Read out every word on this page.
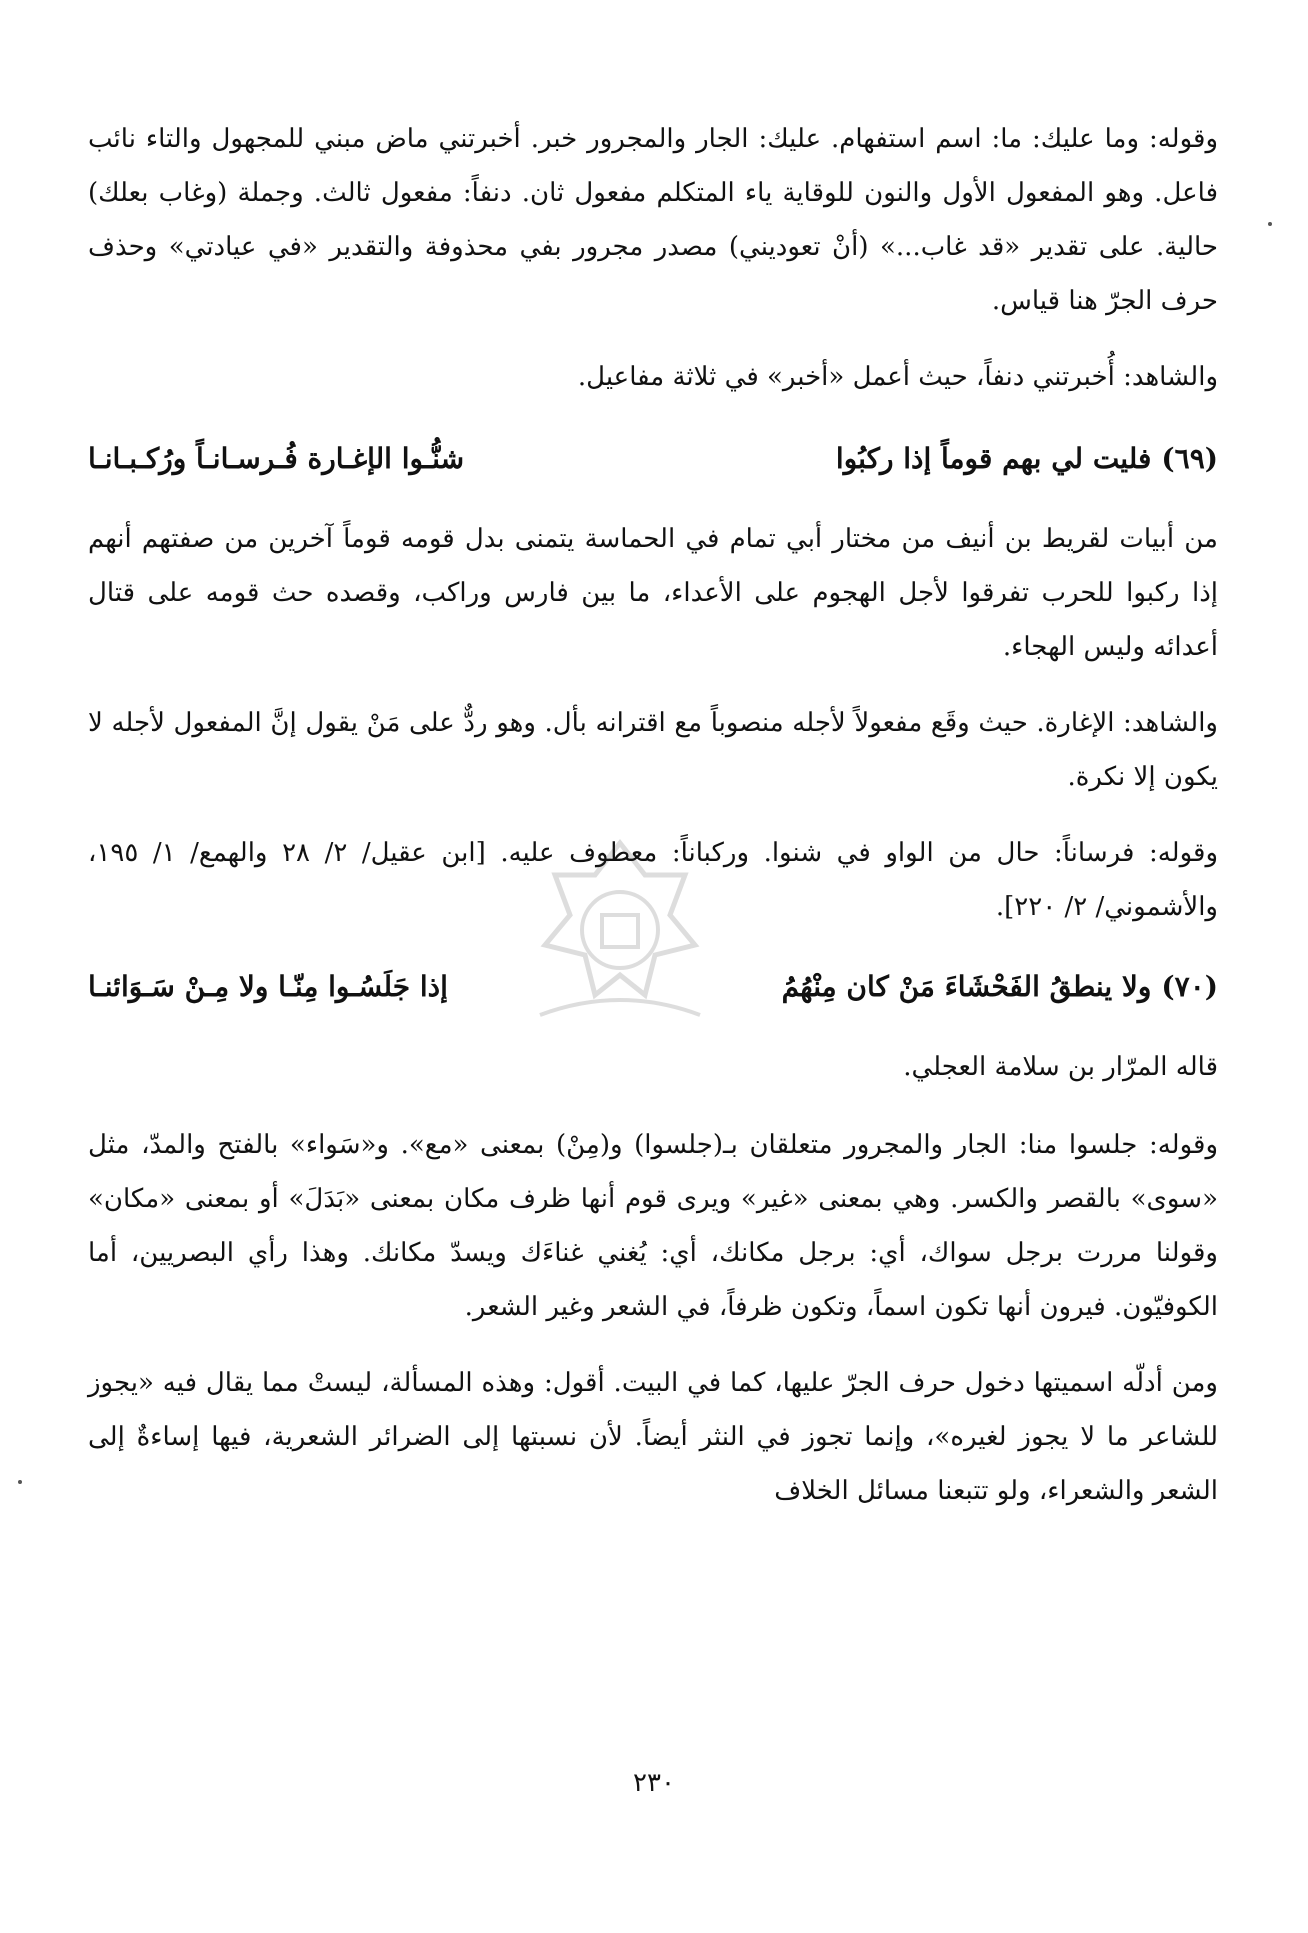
وقوله: وما عليك: ما: اسم استفهام. عليك: الجار والمجرور خبر. أخبرتني ماض مبني للمجهول والتاء نائب فاعل. وهو المفعول الأول والنون للوقاية ياء المتكلم مفعول ثان. دنفاً: مفعول ثالث. وجملة (وغاب بعلك) حالية. على تقدير «قد غاب...» (أنْ تعوديني) مصدر مجرور بفي محذوفة والتقدير «في عيادتي» وحذف حرف الجرّ هنا قياس.

والشاهد: أُخبرتني دنفاً، حيث أعمل «أخبر» في ثلاثة مفاعيل.

(٦٩)فليت لي بهم قوماً إذا ركبُوا
شنُّـوا الإغـارة فُـرسـانـاً ورُكـبـانـا

من أبيات لقريط بن أنيف من مختار أبي تمام في الحماسة يتمنى بدل قومه قوماً آخرين من صفتهم أنهم إذا ركبوا للحرب تفرقوا لأجل الهجوم على الأعداء، ما بين فارس وراكب، وقصده حث قومه على قتال أعدائه وليس الهجاء.

والشاهد: الإغارة. حيث وقَع مفعولاً لأجله منصوباً مع اقترانه بأل. وهو ردٌّ على مَنْ يقول إنَّ المفعول لأجله لا يكون إلا نكرة.

وقوله: فرساناً: حال من الواو في شنوا. وركباناً: معطوف عليه. [ابن عقيل/ ٢/ ٢٨ والهمع/ ١/ ١٩٥، والأشموني/ ٢/ ٢٢٠].

(٧٠)ولا ينطقُ الفَحْشَاءَ مَنْ كان مِنْهُمُ
إذا جَلَسُـوا مِنّـا ولا مِـنْ سَـوَائنـا

قاله المرّار بن سلامة العجلي.

وقوله: جلسوا منا: الجار والمجرور متعلقان بـ(جلسوا) و(مِنْ) بمعنى «مع». و«سَواء» بالفتح والمدّ، مثل «سوى» بالقصر والكسر. وهي بمعنى «غير» ويرى قوم أنها ظرف مكان بمعنى «بَدَلَ» أو بمعنى «مكان» وقولنا مررت برجل سواك، أي: برجل مكانك، أي: يُغني غناءَك ويسدّ مكانك. وهذا رأي البصريين، أما الكوفيّون. فيرون أنها تكون اسماً، وتكون ظرفاً، في الشعر وغير الشعر.

ومن أدلّه اسميتها دخول حرف الجرّ عليها، كما في البيت. أقول: وهذه المسألة، ليستْ مما يقال فيه «يجوز للشاعر ما لا يجوز لغيره»، وإنما تجوز في النثر أيضاً. لأن نسبتها إلى الضرائر الشعرية، فيها إساءةٌ إلى الشعر والشعراء، ولو تتبعنا مسائل الخلاف

٢٣٠
